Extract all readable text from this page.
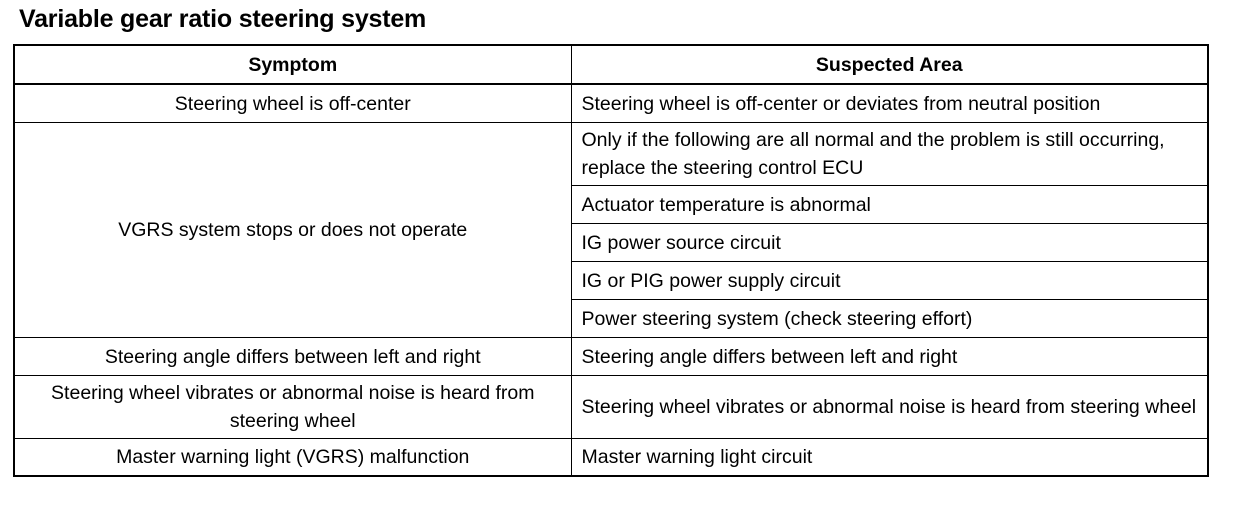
Variable gear ratio steering system
Symptom	Suspected Area
Steering wheel is off-center	Steering wheel is off-center or deviates from neutral position
VGRS system stops or does not operate	Only if the following are all normal and the problem is still occurring, replace the steering control ECU
	Actuator temperature is abnormal
	IG power source circuit
	IG or PIG power supply circuit
	Power steering system (check steering effort)
Steering angle differs between left and right	Steering angle differs between left and right
Steering wheel vibrates or abnormal noise is heard from steering wheel	Steering wheel vibrates or abnormal noise is heard from steering wheel
Master warning light (VGRS) malfunction	Master warning light circuit
